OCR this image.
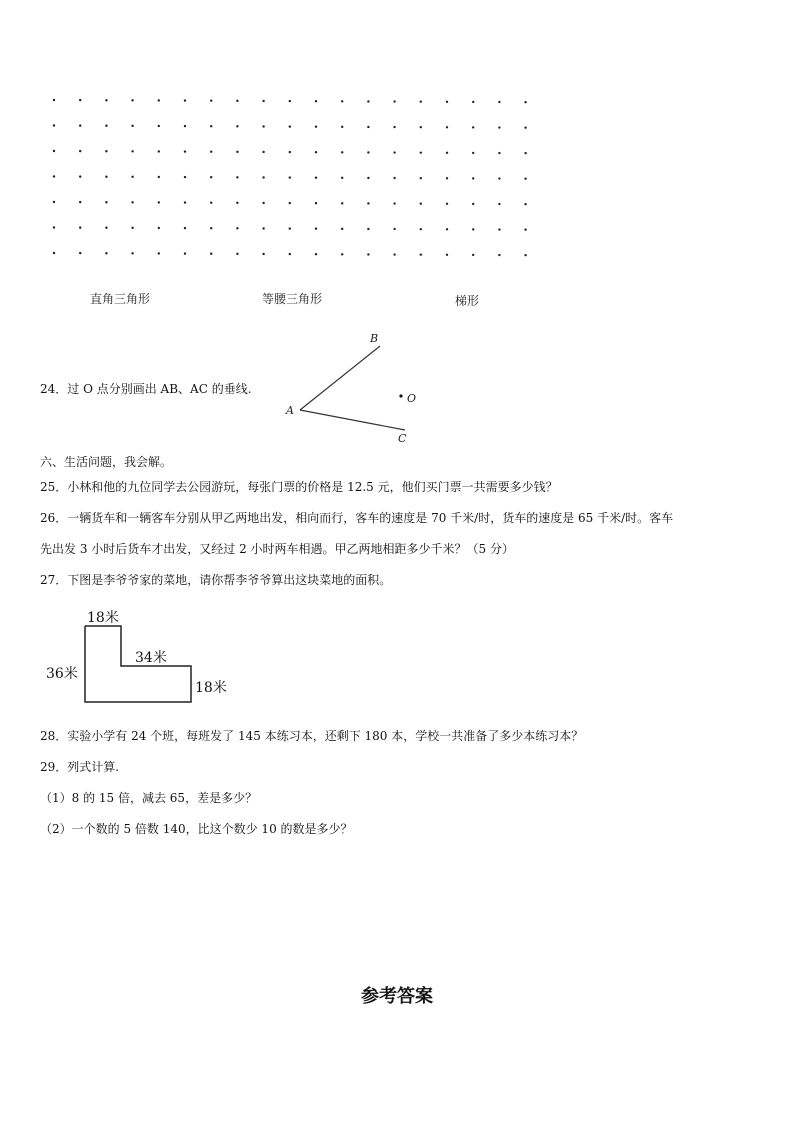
直角三角形	等腰三角形	梯形
24．过 O 点分别画出 AB、AC 的垂线.
A
B
C
O
六、生活问题，我会解。
25．小林和他的九位同学去公园游玩，每张门票的价格是 12.5 元，他们买门票一共需要多少钱？
26．一辆货车和一辆客车分别从甲乙两地出发，相向而行，客车的速度是 70 千米/时，货车的速度是 65 千米/时。客车
先出发 3 小时后货车才出发，又经过 2 小时两车相遇。甲乙两地相距多少千米？（5 分）
27．下图是李爷爷家的菜地，请你帮李爷爷算出这块菜地的面积。
18米
36米
34米
18米
28．实验小学有 24 个班，每班发了 145 本练习本，还剩下 180 本，学校一共准备了多少本练习本？
29．列式计算.
（1）8 的 15 倍，减去 65，差是多少？
（2）一个数的 5 倍数 140，比这个数少 10 的数是多少？
参考答案
